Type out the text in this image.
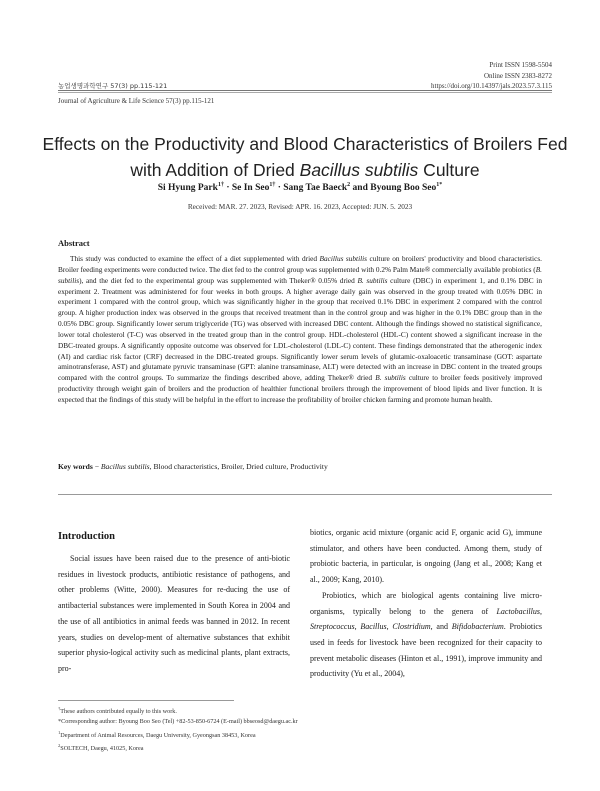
Print ISSN 1598-5504
Online ISSN 2383-8272
https://doi.org/10.14397/jals.2023.57.3.115
농업생명과학연구 57(3) pp.115-121
Journal of Agriculture & Life Science 57(3) pp.115-121
Effects on the Productivity and Blood Characteristics of Broilers Fed
with Addition of Dried Bacillus subtilis Culture
Si Hyung Park$^{1\dagger}$ · Se In Seo$^{1\dagger}$ · Sang Tae Baeck$^2$ and Byoung Boo Seo$^{1*}$
Received: MAR. 27. 2023, Revised: APR. 16. 2023, Accepted: JUN. 5. 2023
Abstract

This study was conducted to examine the effect of a diet supplemented with dried Bacillus subtilis culture on broilers' productivity and blood characteristics. Broiler feeding experiments were conducted twice. The diet fed to the control group was supplemented with 0.2% Palm Mate® commercially available probiotics (B. subtilis), and the diet fed to the experimental group was supplemented with Theker® 0.05% dried B. subtilis culture (DBC) in experiment 1, and 0.1% DBC in experiment 2. Treatment was administered for four weeks in both groups. A higher average daily gain was observed in the group treated with 0.05% DBC in experiment 1 compared with the control group, which was significantly higher in the group that received 0.1% DBC in experiment 2 compared with the control group. A higher production index was observed in the groups that received treatment than in the control group and was higher in the 0.1% DBC group than in the 0.05% DBC group. Significantly lower serum triglyceride (TG) was observed with increased DBC content. Although the findings showed no statistical significance, lower total cholesterol (T-C) was observed in the treated group than in the control group. HDL-cholesterol (HDL-C) content showed a significant increase in the DBC-treated groups. A significantly opposite outcome was observed for LDL-cholesterol (LDL-C) content. These findings demonstrated that the atherogenic index (AI) and cardiac risk factor (CRF) decreased in the DBC-treated groups. Significantly lower serum levels of glutamic-oxaloacetic transaminase (GOT: aspartate aminotransferase, AST) and glutamate pyruvic transaminase (GPT: alanine transaminase, ALT) were detected with an increase in DBC content in the treated groups compared with the control groups. To summarize the findings described above, adding Theker® dried B. subtilis culture to broiler feeds positively improved productivity through weight gain of broilers and the production of healthier functional broilers through the improvement of blood lipids and liver function. It is expected that the findings of this study will be helpful in the effort to increase the profitability of broiler chicken farming and promote human health.

Key words − Bacillus subtilis, Blood characteristics, Broiler, Dried culture, Productivity
Introduction

Social issues have been raised due to the presence of anti-biotic residues in livestock products, antibiotic resistance of pathogens, and other problems (Witte, 2000). Measures for re-ducing the use of antibacterial substances were implemented in South Korea in 2004 and the use of all antibiotics in animal feeds was banned in 2012. In recent years, studies on develop-ment of alternative substances that exhibit superior physio-logical activity such as medicinal plants, plant extracts, pro-

biotics, organic acid mixture (organic acid F, organic acid G), immune stimulator, and others have been conducted. Among them, study of probiotic bacteria, in particular, is ongoing (Jang et al., 2008; Kang et al., 2009; Kang, 2010).

Probiotics, which are biological agents containing live micro-organisms, typically belong to the genera of Lactobacillus, Streptococcus, Bacillus, Clostridium, and Bifidobacterium. Probiotics used in feeds for livestock have been recognized for their capacity to prevent metabolic diseases (Hinton et al., 1991), improve immunity and productivity (Yu et al., 2004),

†These authors contributed equally to this work.
*Corresponding author: Byoung Boo Seo (Tel) +82-53-850-6724 (E-mail) bbseosd@daegu.ac.kr
$^1$Department of Animal Resources, Daegu University, Gyeongsan 38453, Korea
$^2$SOLTECH, Daegu, 41025, Korea
